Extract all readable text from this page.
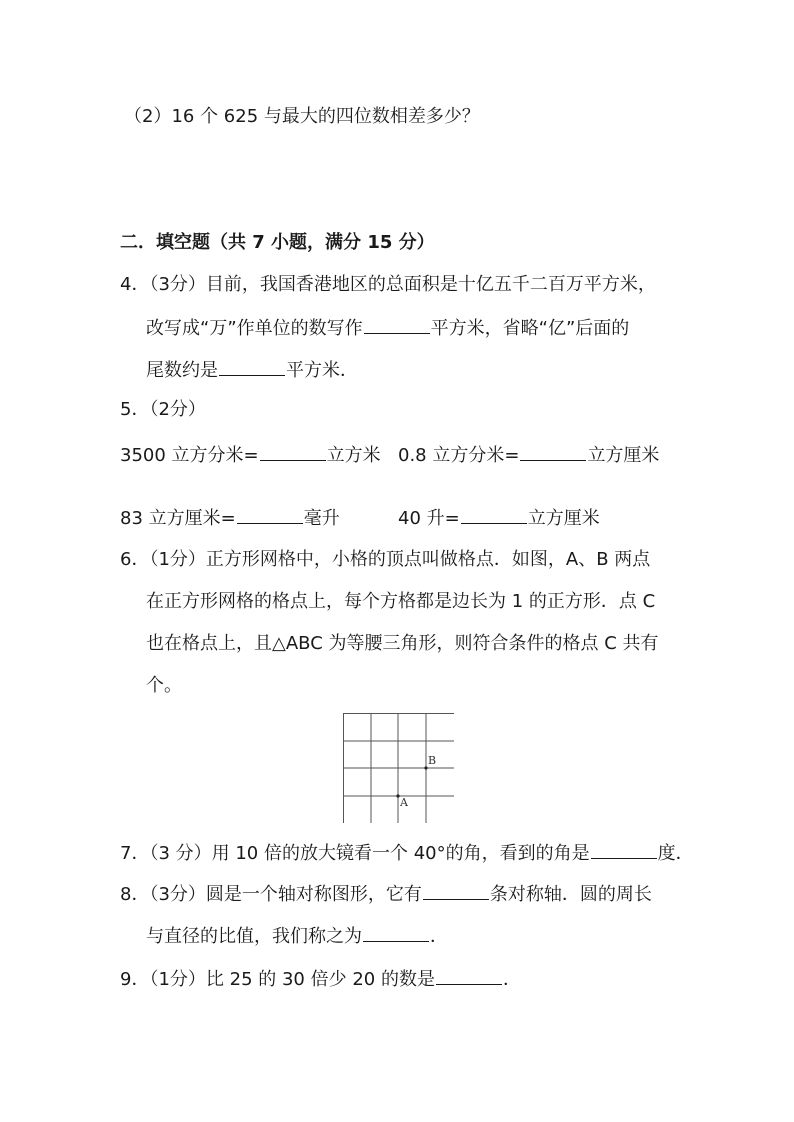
（2）16 个 625 与最大的四位数相差多少？
二．填空题（共 7 小题，满分 15 分）
4．（3分）目前，我国香港地区的总面积是十亿五千二百万平方米，
改写成“万”作单位的数写作	平方米，省略“亿”后面的
尾数约是	平方米．
5．（2分）
3500 立方分米=	立方米 0.8 立方分米=	立方厘米
83 立方厘米=	毫升	40 升=	立方厘米
6．（1分）正方形网格中，小格的顶点叫做格点．如图，A、B 两点
在正方形网格的格点上，每个方格都是边长为 1 的正方形．点 C
也在格点上，且△ABC 为等腰三角形，则符合条件的格点 C 共有
个。
A
B
7．（3 分）用 10 倍的放大镜看一个 40°的角，看到的角是	度．
8．（3分）圆是一个轴对称图形，它有	条对称轴．圆的周长
与直径的比值，我们称之为	．
9．（1分）比 25 的 30 倍少 20 的数是	．
